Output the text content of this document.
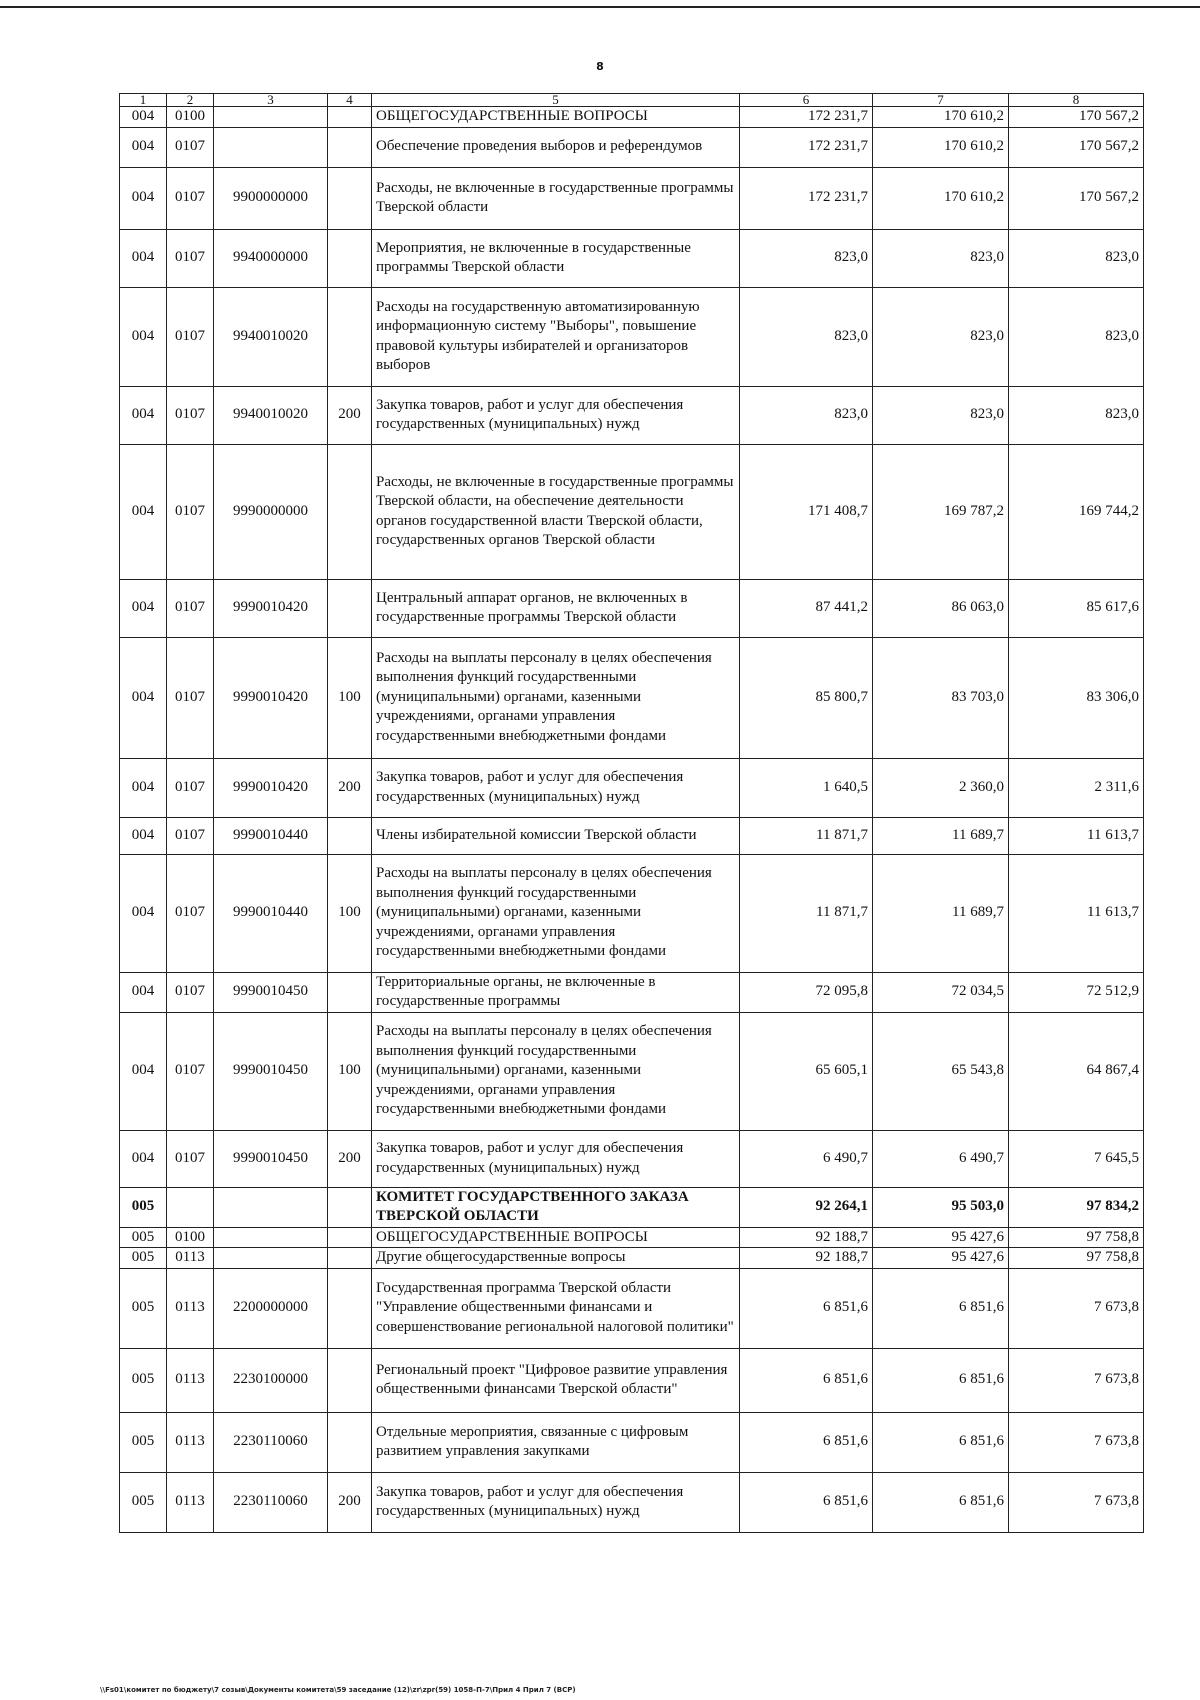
8
1	2	3	4	5	6	7	8
004	0100			ОБЩЕГОСУДАРСТВЕННЫЕ ВОПРОСЫ	172 231,7	170 610,2	170 567,2
004	0107			Обеспечение проведения выборов и референдумов	172 231,7	170 610,2	170 567,2
004	0107	9900000000		Расходы, не включенные в государственные программы Тверской области	172 231,7	170 610,2	170 567,2
004	0107	9940000000		Мероприятия, не включенные в государственные программы Тверской области	823,0	823,0	823,0
004	0107	9940010020		Расходы на государственную автоматизированную информационную систему "Выборы", повышение правовой культуры избирателей и организаторов выборов	823,0	823,0	823,0
004	0107	9940010020	200	Закупка товаров, работ и услуг для обеспечения государственных (муниципальных) нужд	823,0	823,0	823,0
004	0107	9990000000		Расходы, не включенные в государственные программы Тверской области, на обеспечение деятельности органов государственной власти Тверской области, государственных органов Тверской области	171 408,7	169 787,2	169 744,2
004	0107	9990010420		Центральный аппарат органов, не включенных в государственные программы Тверской области	87 441,2	86 063,0	85 617,6
004	0107	9990010420	100	Расходы на выплаты персоналу в целях обеспечения выполнения функций государственными (муниципальными) органами, казенными учреждениями, органами управления государственными внебюджетными фондами	85 800,7	83 703,0	83 306,0
004	0107	9990010420	200	Закупка товаров, работ и услуг для обеспечения государственных (муниципальных) нужд	1 640,5	2 360,0	2 311,6
004	0107	9990010440		Члены избирательной комиссии Тверской области	11 871,7	11 689,7	11 613,7
004	0107	9990010440	100	Расходы на выплаты персоналу в целях обеспечения выполнения функций государственными (муниципальными) органами, казенными учреждениями, органами управления государственными внебюджетными фондами	11 871,7	11 689,7	11 613,7
004	0107	9990010450		Территориальные органы, не включенные в государственные программы	72 095,8	72 034,5	72 512,9
004	0107	9990010450	100	Расходы на выплаты персоналу в целях обеспечения выполнения функций государственными (муниципальными) органами, казенными учреждениями, органами управления государственными внебюджетными фондами	65 605,1	65 543,8	64 867,4
004	0107	9990010450	200	Закупка товаров, работ и услуг для обеспечения государственных (муниципальных) нужд	6 490,7	6 490,7	7 645,5
005				КОМИТЕТ ГОСУДАРСТВЕННОГО ЗАКАЗА ТВЕРСКОЙ ОБЛАСТИ	92 264,1	95 503,0	97 834,2
005	0100			ОБЩЕГОСУДАРСТВЕННЫЕ ВОПРОСЫ	92 188,7	95 427,6	97 758,8
005	0113			Другие общегосударственные вопросы	92 188,7	95 427,6	97 758,8
005	0113	2200000000		Государственная программа Тверской области "Управление общественными финансами и совершенствование региональной налоговой политики"	6 851,6	6 851,6	7 673,8
005	0113	2230100000		Региональный проект "Цифровое развитие управления общественными финансами Тверской области"	6 851,6	6 851,6	7 673,8
005	0113	2230110060		Отдельные мероприятия, связанные с цифровым развитием управления закупками	6 851,6	6 851,6	7 673,8
005	0113	2230110060	200	Закупка товаров, работ и услуг для обеспечения государственных (муниципальных) нужд	6 851,6	6 851,6	7 673,8
\\Fs01\комитет по бюджету\7 созыв\Документы комитета\59 заседание (12)\zr\zpr(59) 1058-П-7\Прил 4 Прил 7 (ВСР)
